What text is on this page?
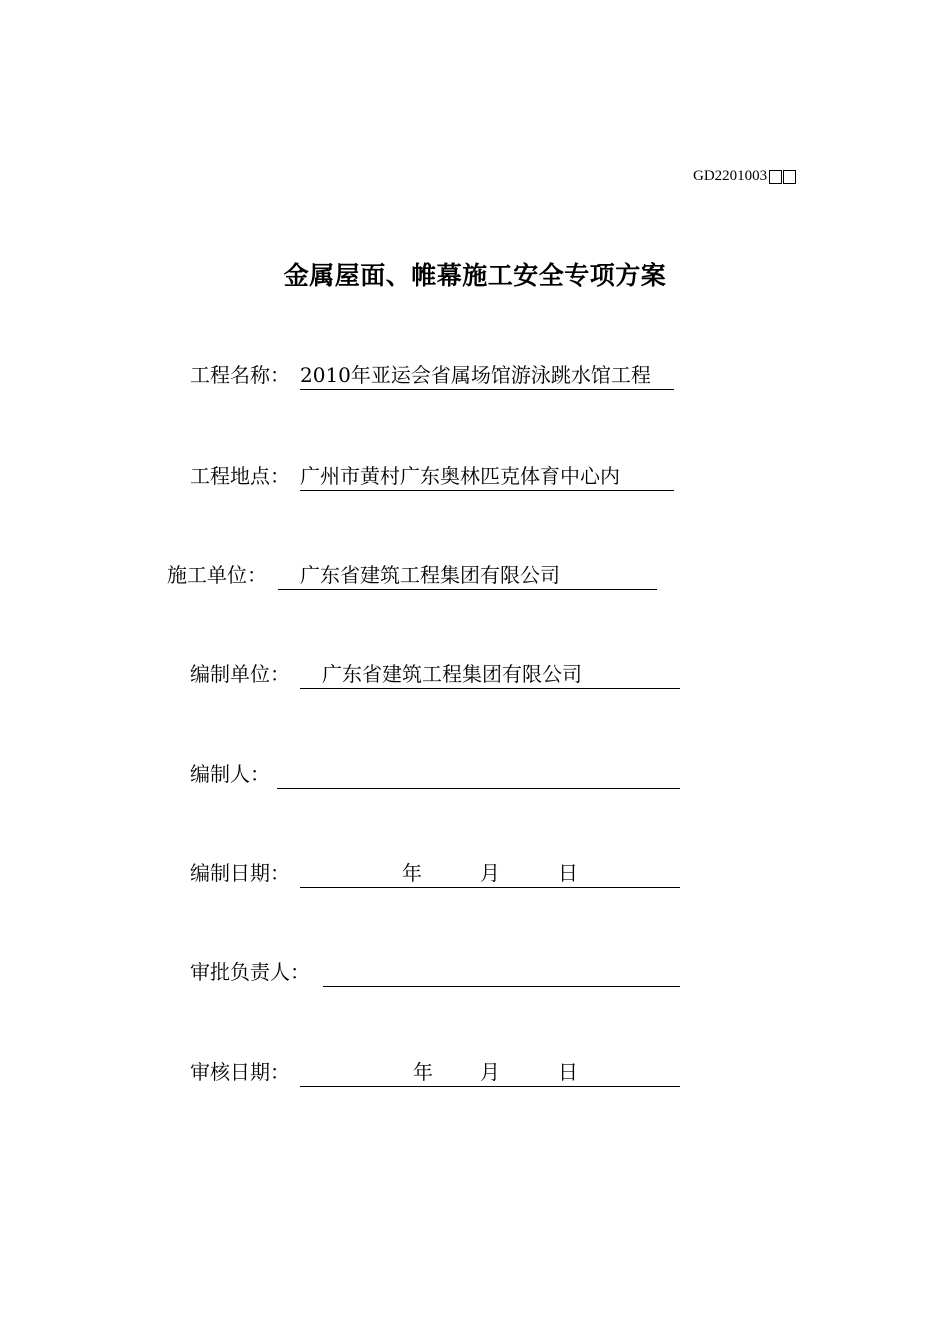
GD2201003
金属屋面、帷幕施工安全专项方案
工程名称： 2010年亚运会省属场馆游泳跳水馆工程
工程地点： 广州市黄村广东奥林匹克体育中心内
施工单位： 广东省建筑工程集团有限公司
编制单位： 广东省建筑工程集团有限公司
编制人：
编制日期：	年	月	日
审批负责人：
审核日期：	年 月	日
